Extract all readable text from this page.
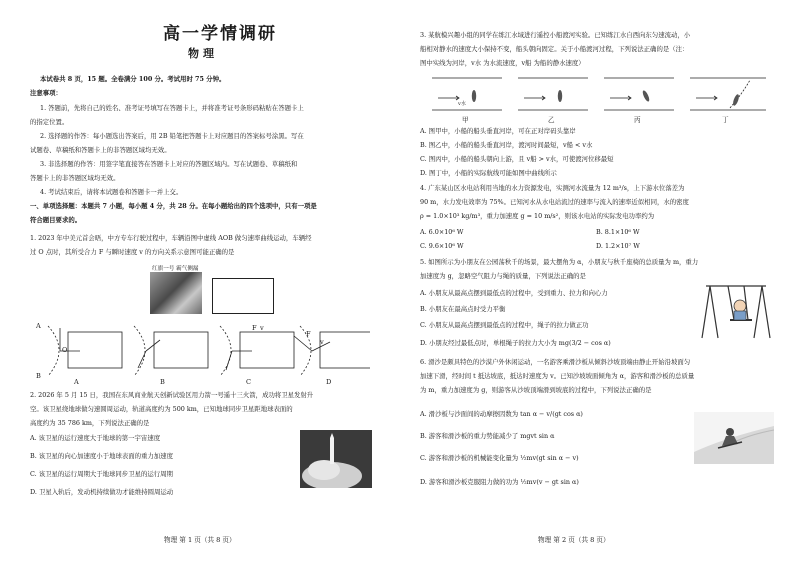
高一学情调研
物理
本试卷共 8 页，15 题。全卷满分 100 分。考试用时 75 分钟。
注意事项：
1. 答题前，先将自己的姓名、准考证号填写在答题卡上，并将准考证号条形码粘贴在答题卡上
的指定位置。
2. 选择题的作答：每小题选出答案后，用 2B 铅笔把答题卡上对应题目的答案标号涂黑。写在
试题卷、草稿纸和答题卡上的非答题区域均无效。
3. 非选择题的作答：用签字笔直接答在答题卡上对应的答题区域内。写在试题卷、草稿纸和
答题卡上的非答题区域均无效。
4. 考试结束后，请将本试题卷和答题卡一并上交。
一、单项选择题：本题共 7 小题，每小题 4 分，共 28 分。在每小题给出的四个选项中，只有一项是
符合题目要求的。
1. 2023 年中美元首会晤，中方专车行驶过程中，车辆沿图中虚线 AOB 做匀速率曲线运动，车辆经
过 O 点时，其所受合力 F 与瞬时速度 v 的方向关系示意图可能正确的是
红旗一号 霸气侧漏
A
B
O
F v
F
v
A	B	C	D
2. 2026 年 5 月 15 日，我国在东风商业航天创新试验区用力箭一号遥十三火箭，成功将卫星发射升
空。该卫星绕地球做匀速圆周运动，轨道高度约为 500 km，已知地球同步卫星距地球表面的
高度约为 35 786 km，下列说法正确的是
A. 该卫星的运行速度大于地球的第一宇宙速度
B. 该卫星的向心加速度小于地球表面的重力加速度
C. 该卫星的运行周期大于地球同步卫星的运行周期
D. 卫星入轨后，发动机持续做功才能维持圆周运动
物理 第 1 页（共 8 页）
3. 某航模兴趣小组的同学在练江水域进行遥控小船渡河实验。已知练江水自西向东匀速流动，小
船相对静水的速度大小保持不变，船头朝向固定。关于小船渡河过程，下列说法正确的是（注：
图中实线为河岸，v水 为水流速度，v船 为船的静水速度）
甲	乙	丙	丁
v水
A. 图甲中，小船的船头垂直河岸，可在正对岸码头靠岸
B. 图乙中，小船的船头垂直河岸，渡河时间最短，v船 < v水
C. 图丙中，小船的船头朝向上游，且 v船 > v水，可使渡河位移最短
D. 图丁中，小船的实际航线可能如图中曲线所示
4. 广东某山区水电站利用当地的水力资源发电，实测河水流量为 12 m³/s，上下游水位落差为
90 m，水力发电效率为 75%。已知河水从水电站流过的速率与流入的速率近似相同，水的密度
ρ = 1.0×10³ kg/m³，重力加速度 g = 10 m/s²，则该水电站的实际发电功率约为
A. 6.0×10⁶ W	B. 8.1×10⁶ W
C. 9.6×10⁶ W	D. 1.2×10⁷ W
5. 如图所示为小朋友在公园荡秋千的场景，最大摆角为 α，小朋友与秋千座椅的总质量为 m，重力
加速度为 g，忽略空气阻力与绳的质量，下列说法正确的是
A. 小朋友从最高点摆到最低点的过程中，受到重力、拉力和向心力
B. 小朋友在最高点时受力平衡
C. 小朋友从最高点摆到最低点的过程中，绳子的拉力做正功
D. 小朋友经过最低点时，单根绳子的拉力大小为 mg(3/2 − cos α)
6. 滑沙是颇具特色的沙漠户外休闲运动，一名游客乘滑沙板从倾斜沙坡顶端由静止开始沿坡面匀
加速下滑，经时间 t 抵达坡底，抵达时速度为 v。已知沙坡坡面倾角为 α，游客和滑沙板的总质量
为 m，重力加速度为 g，则游客从沙坡顶端滑到坡底的过程中，下列说法正确的是
A. 滑沙板与沙面间的动摩擦因数为 tan α − v/(gt cos α)
B. 游客和滑沙板的重力势能减少了 mgvt sin α
C. 游客和滑沙板的机械能变化量为 ½mv(gt sin α − v)
D. 游客和滑沙板克服阻力做的功为 ½mv(v − gt sin α)
物理 第 2 页（共 8 页）
